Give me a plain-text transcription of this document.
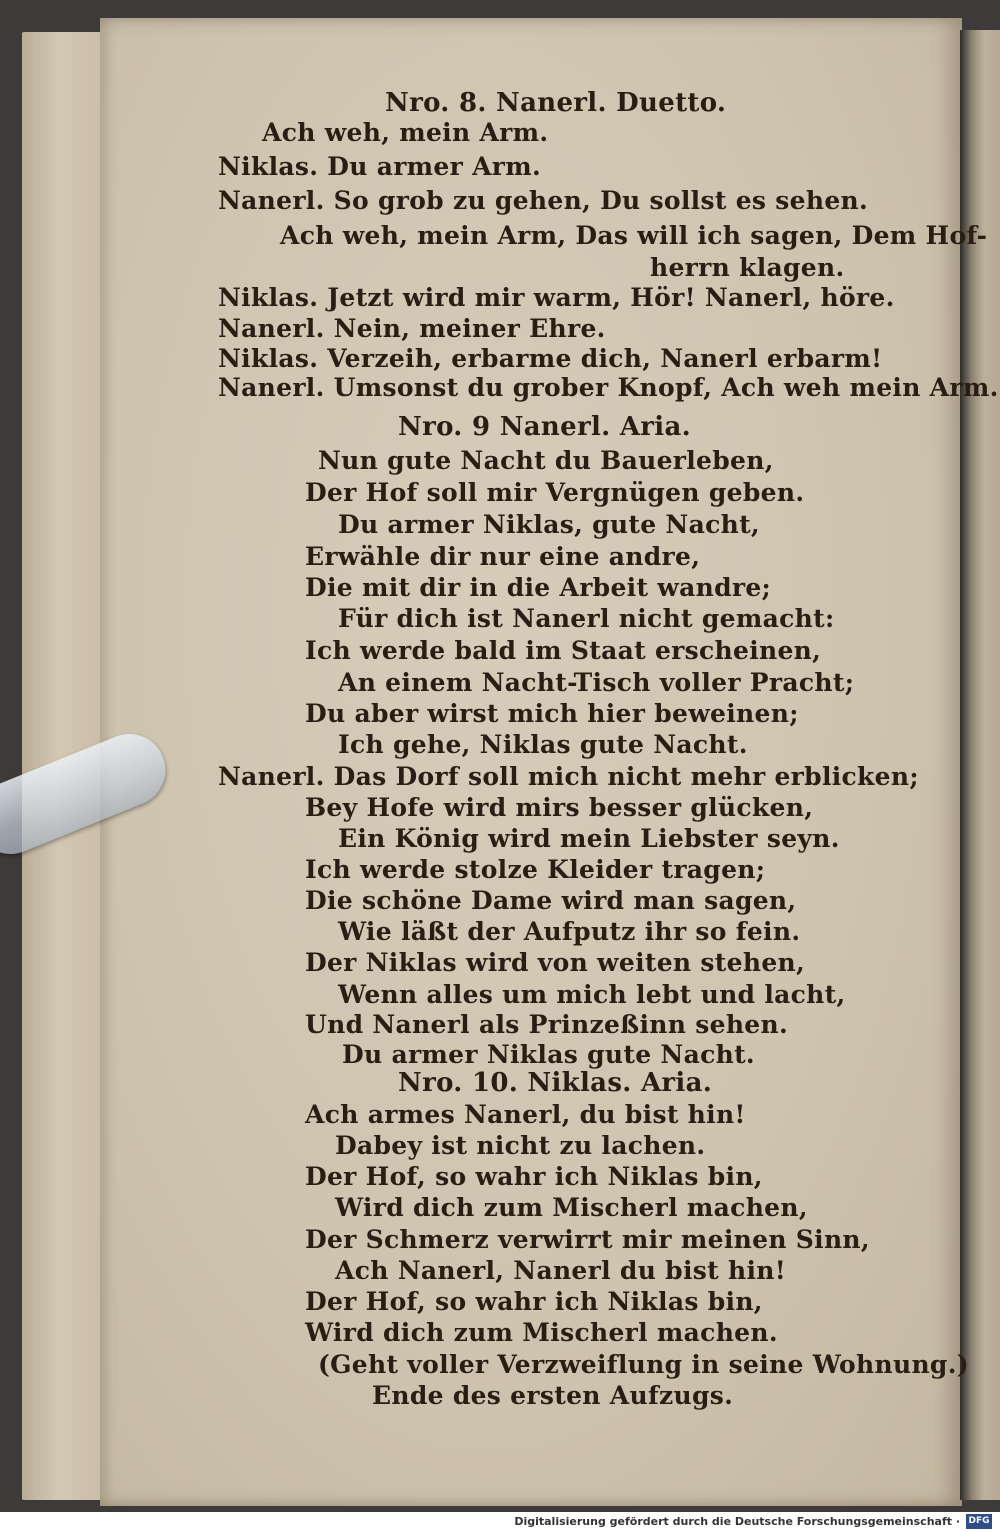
Nro. 8. Nanerl. Duetto.
Ach weh, mein Arm.
Niklas. Du armer Arm.
Nanerl. So grob zu gehen, Du sollst es sehen.
Ach weh, mein Arm, Das will ich sagen, Dem Hof-
herrn klagen.
Niklas. Jetzt wird mir warm, Hör! Nanerl, höre.
Nanerl. Nein, meiner Ehre.
Niklas. Verzeih, erbarme dich, Nanerl erbarm!
Nanerl. Umsonst du grober Knopf, Ach weh mein Arm.
Nro. 9 Nanerl. Aria.
Nun gute Nacht du Bauerleben,
Der Hof soll mir Vergnügen geben.
Du armer Niklas, gute Nacht,
Erwähle dir nur eine andre,
Die mit dir in die Arbeit wandre;
Für dich ist Nanerl nicht gemacht:
Ich werde bald im Staat erscheinen,
An einem Nacht-Tisch voller Pracht;
Du aber wirst mich hier beweinen;
Ich gehe, Niklas gute Nacht.
Nanerl. Das Dorf soll mich nicht mehr erblicken;
Bey Hofe wird mirs besser glücken,
Ein König wird mein Liebster seyn.
Ich werde stolze Kleider tragen;
Die schöne Dame wird man sagen,
Wie läßt der Aufputz ihr so fein.
Der Niklas wird von weiten stehen,
Wenn alles um mich lebt und lacht,
Und Nanerl als Prinzeßinn sehen.
Du armer Niklas gute Nacht.
Nro. 10. Niklas. Aria.
Ach armes Nanerl, du bist hin!
Dabey ist nicht zu lachen.
Der Hof, so wahr ich Niklas bin,
Wird dich zum Mischerl machen,
Der Schmerz verwirrt mir meinen Sinn,
Ach Nanerl, Nanerl du bist hin!
Der Hof, so wahr ich Niklas bin,
Wird dich zum Mischerl machen.
(Geht voller Verzweiflung in seine Wohnung.)
Ende des ersten Aufzugs.
Digitalisierung gefördert durch die Deutsche Forschungsgemeinschaft · DFG
